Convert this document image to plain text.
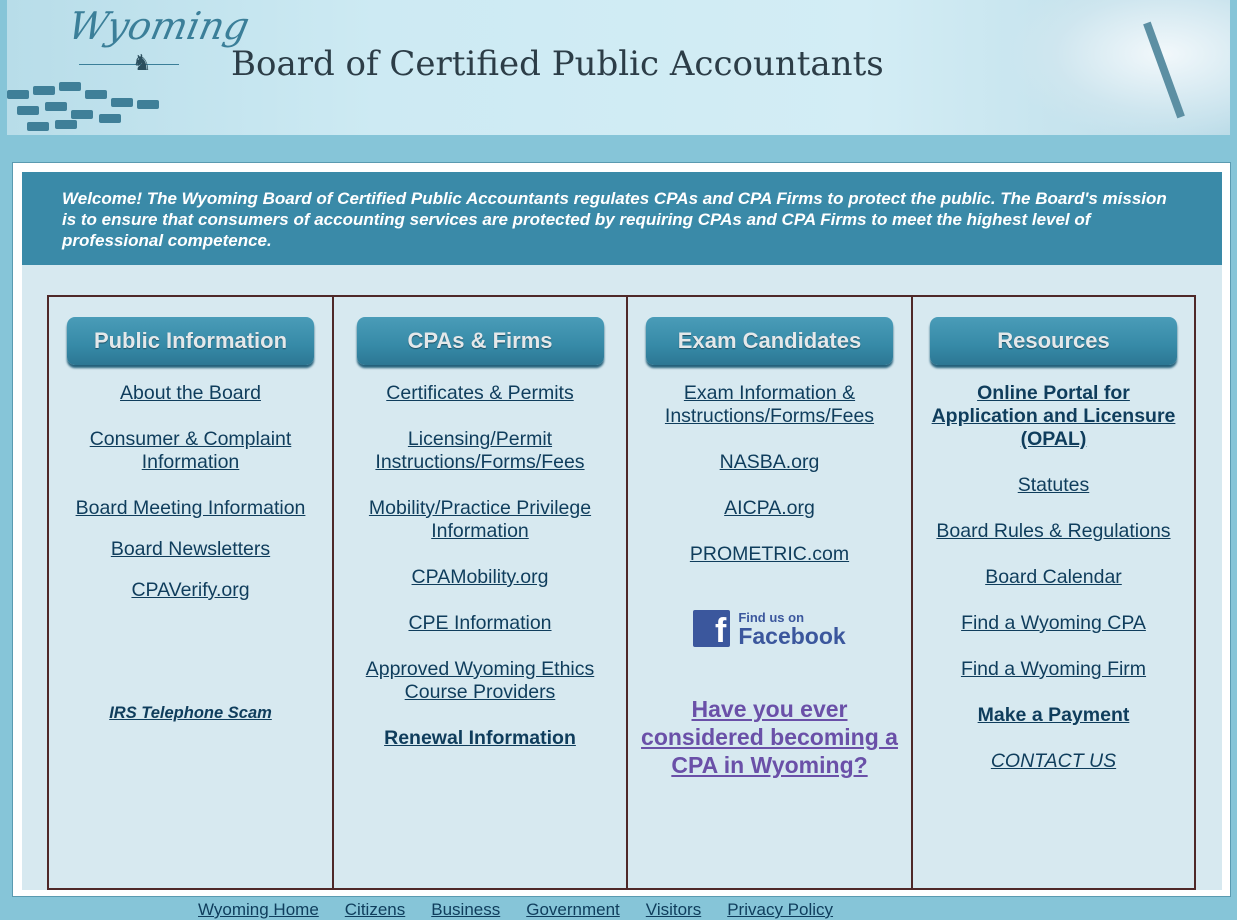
Wyoming
♞ Board of Certified Public Accountants
Welcome! The Wyoming Board of Certified Public Accountants regulates CPAs and CPA Firms to protect the public. The Board's mission is to ensure that consumers of accounting services are protected by requiring CPAs and CPA Firms to meet the highest level of professional competence.
Public Information
About the Board
Consumer & Complaint Information
Board Meeting Information
Board Newsletters
CPAVerify.org
IRS Telephone Scam
CPAs & Firms
Certificates & Permits
Licensing/Permit Instructions/Forms/Fees
Mobility/Practice Privilege Information
CPAMobility.org
CPE Information
Approved Wyoming Ethics Course Providers
Renewal Information
Exam Candidates
Exam Information & Instructions/Forms/Fees
NASBA.org
AICPA.org
PROMETRIC.com
f Find us on
Facebook
Have you ever considered becoming a CPA in Wyoming?
Resources
Online Portal for Application and Licensure (OPAL)
Statutes
Board Rules & Regulations
Board Calendar
Find a Wyoming CPA
Find a Wyoming Firm
Make a Payment
CONTACT US
Wyoming Home Citizens Business Government Visitors Privacy Policy
